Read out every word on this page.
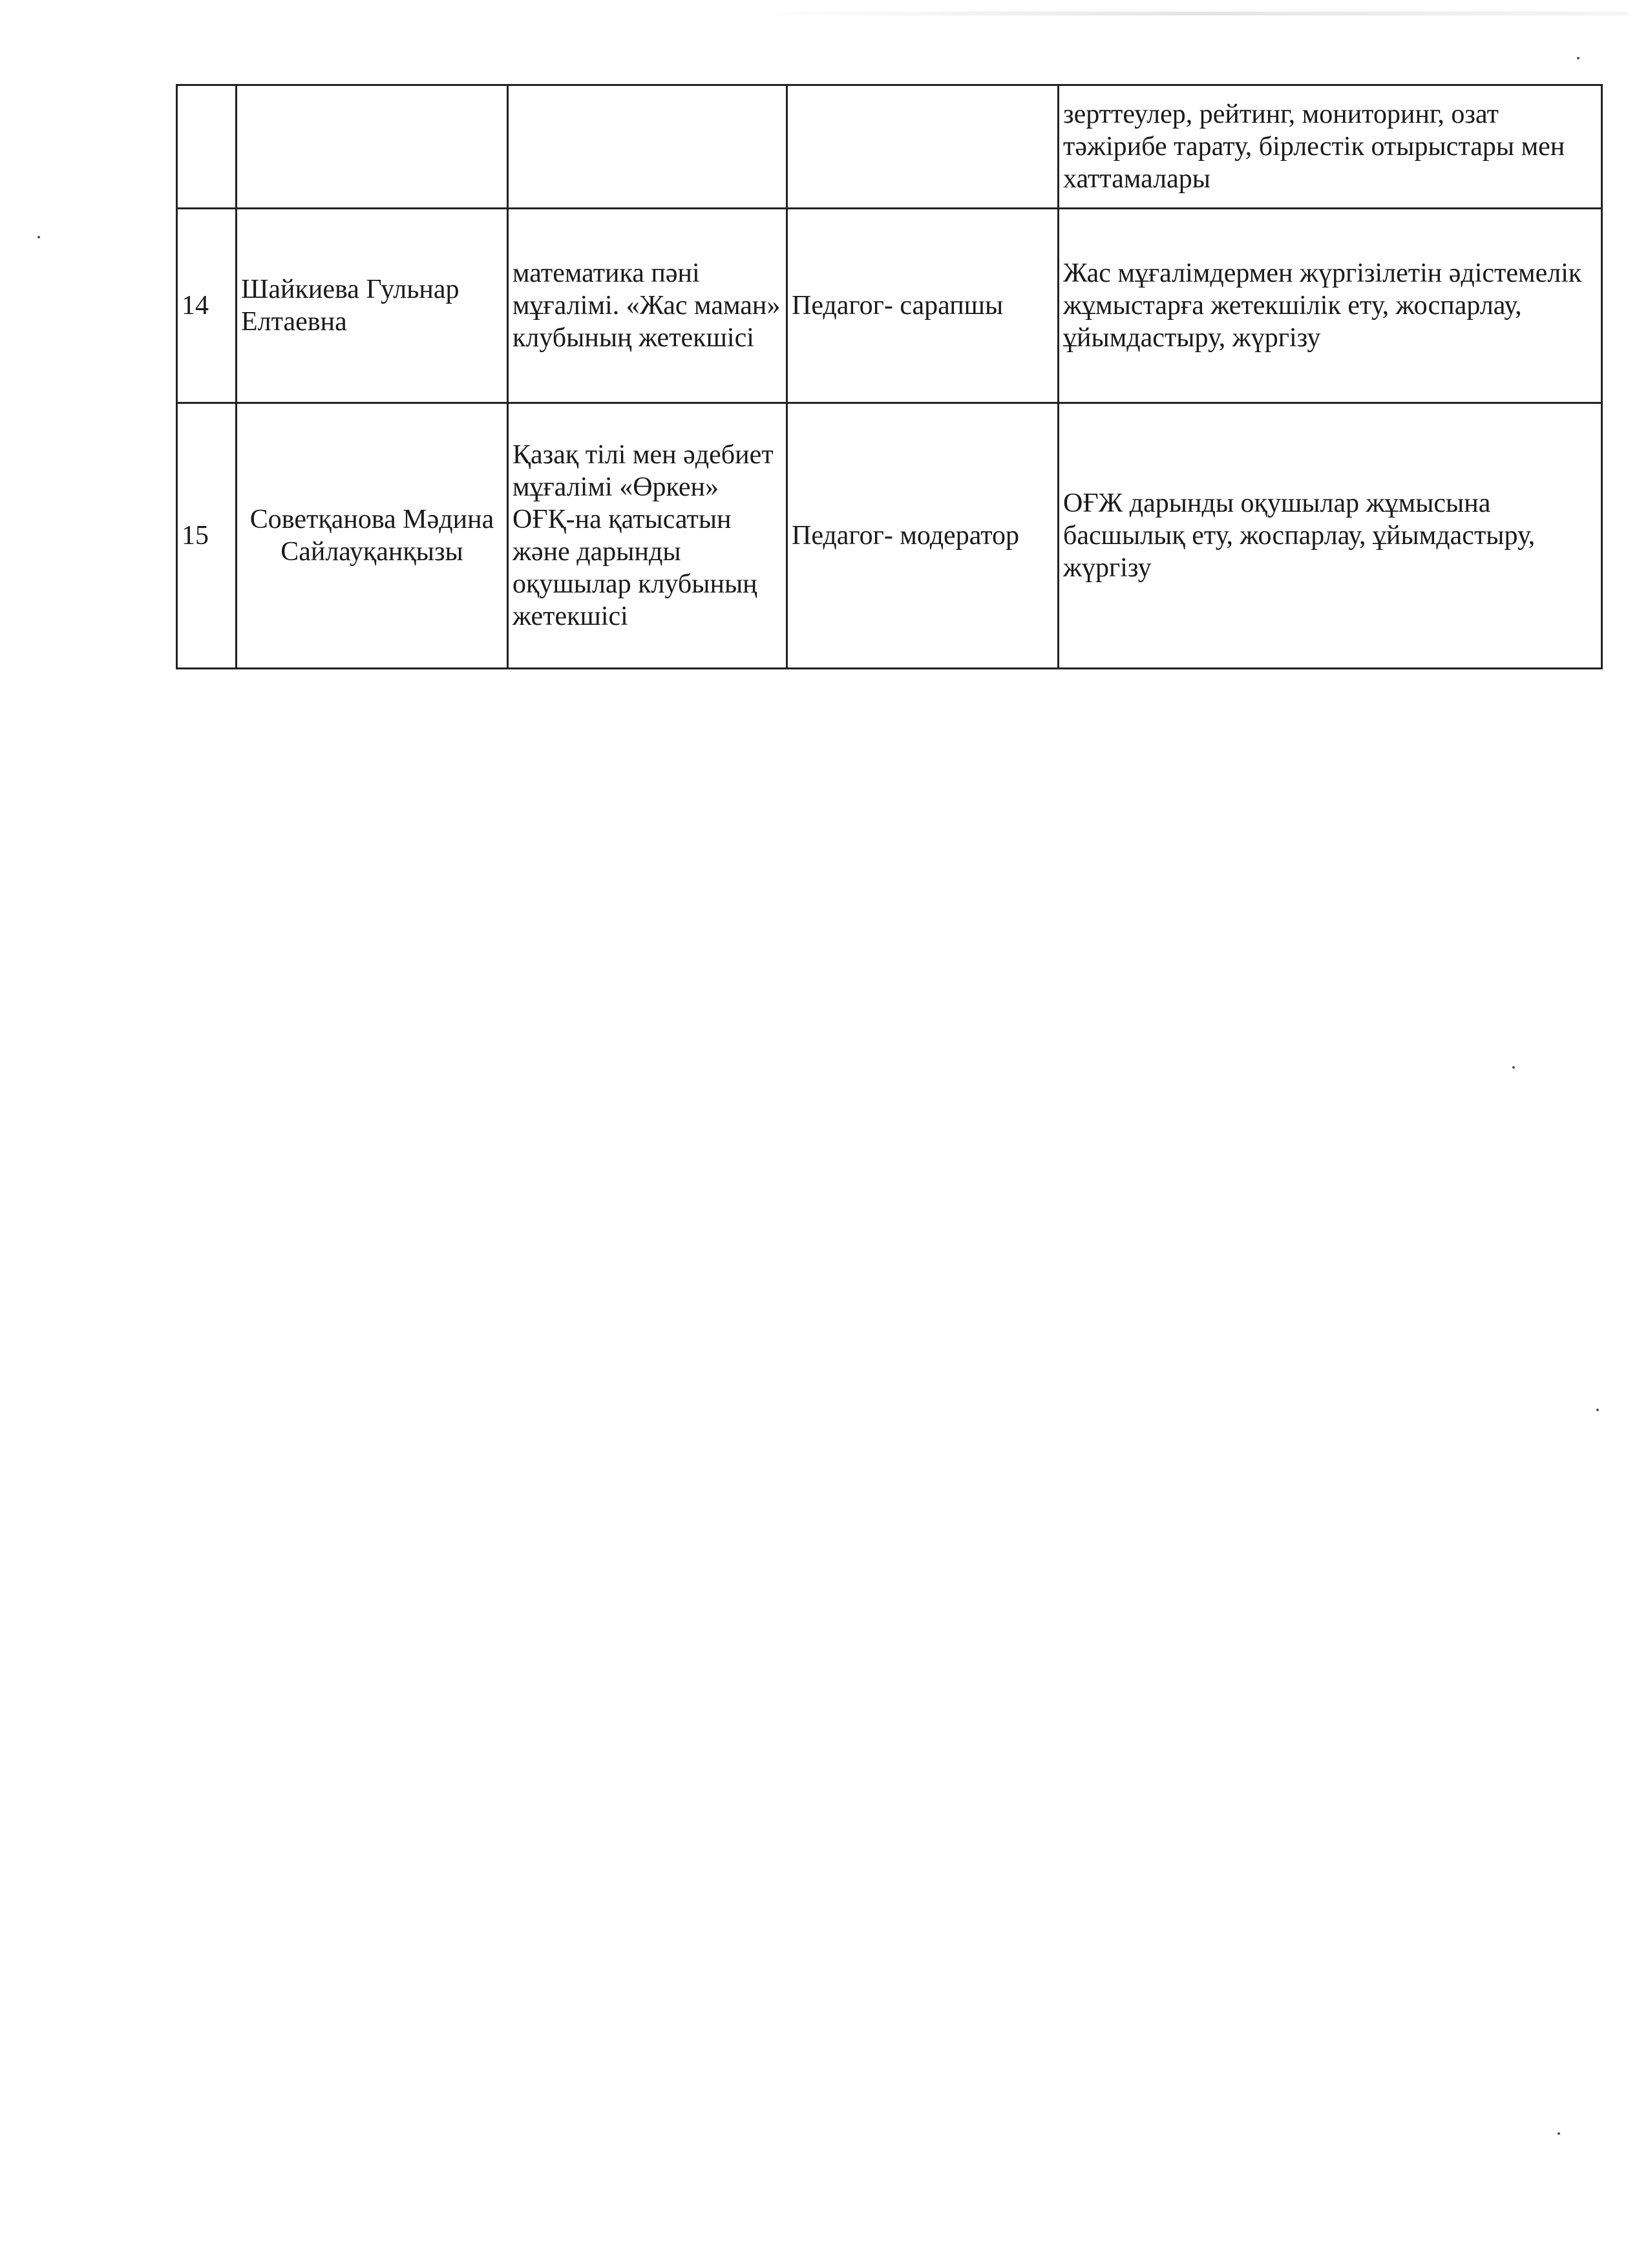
				зерттеулер, рейтинг, мониторинг, озат тәжірибе тарату, бірлестік отырыстары мен хаттамалары
14	Шайкиева Гульнар Елтаевна	математика пәні мұғалімі. «Жас маман» клубының жетекшісі	Педагог- сарапшы	Жас мұғалімдермен жүргізілетін әдістемелік жұмыстарға жетекшілік ету, жоспарлау, ұйымдастыру, жүргізу
15	Советқанова Мәдина Сайлауқанқызы	Қазақ тілі мен әдебиет мұғалімі «Өркен» ОҒҚ-на қатысатын және дарынды оқушылар клубының жетекшісі	Педагог- модератор	ОҒЖ дарынды оқушылар жұмысына басшылық ету, жоспарлау, ұйымдастыру, жүргізу
